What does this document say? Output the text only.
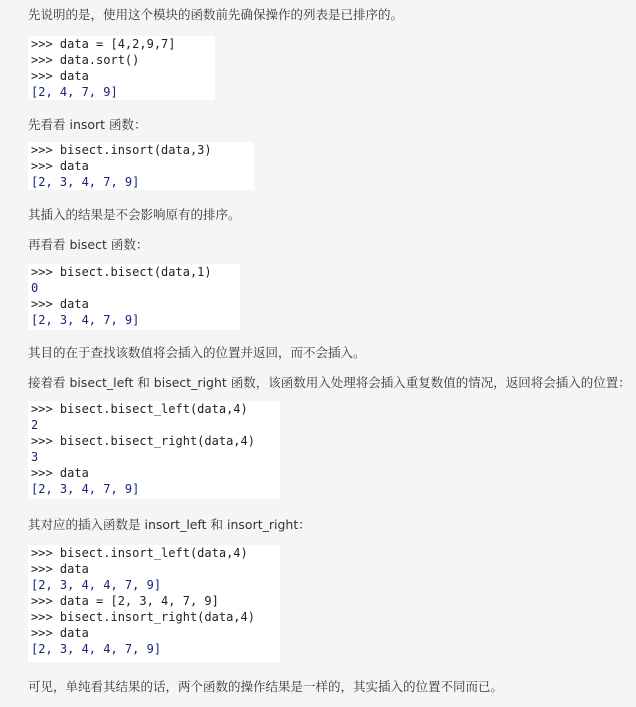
先说明的是，使用这个模块的函数前先确保操作的列表是已排序的。

>>> data = [4,2,9,7]
>>> data.sort()
>>> data
[2, 4, 7, 9]

先看看 insort 函数：

>>> bisect.insort(data,3)
>>> data
[2, 3, 4, 7, 9]

其插入的结果是不会影响原有的排序。

再看看 bisect 函数：

>>> bisect.bisect(data,1)
0
>>> data
[2, 3, 4, 7, 9]

其目的在于查找该数值将会插入的位置并返回，而不会插入。

接着看 bisect_left 和 bisect_right 函数，该函数用入处理将会插入重复数值的情况，返回将会插入的位置：

>>> bisect.bisect_left(data,4)
2
>>> bisect.bisect_right(data,4)
3
>>> data
[2, 3, 4, 7, 9]

其对应的插入函数是 insort_left 和 insort_right：

>>> bisect.insort_left(data,4)
>>> data
[2, 3, 4, 4, 7, 9]
>>> data = [2, 3, 4, 7, 9]
>>> bisect.insort_right(data,4)
>>> data
[2, 3, 4, 4, 7, 9]

可见，单纯看其结果的话，两个函数的操作结果是一样的，其实插入的位置不同而已。
